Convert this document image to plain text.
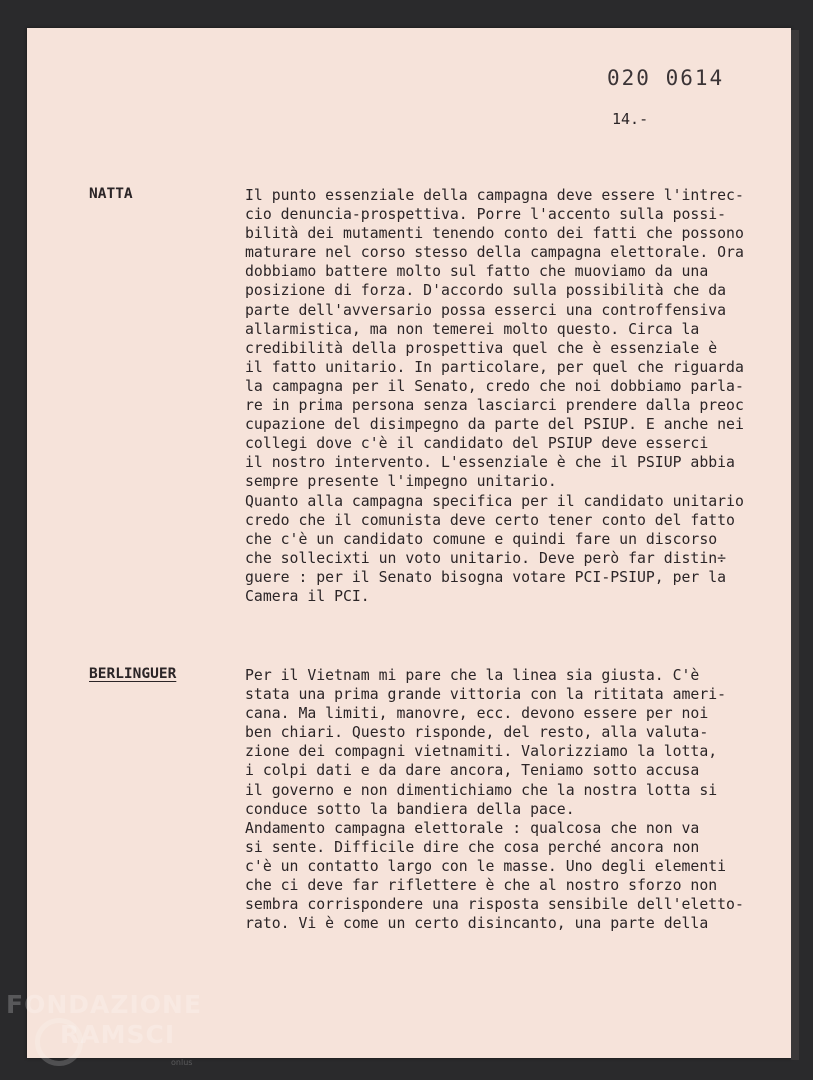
020 0614
14.-
NATTA	Il punto essenziale della campagna deve essere l'intrec-
cio denuncia-prospettiva. Porre l'accento sulla possi-
bilità dei mutamenti tenendo conto dei fatti che possono
maturare nel corso stesso della campagna elettorale. Ora
dobbiamo battere molto sul fatto che muoviamo da una
posizione di forza. D'accordo sulla possibilità che da
parte dell'avversario possa esserci una controffensiva
allarmistica, ma non temerei molto questo. Circa la
credibilità della prospettiva quel che è essenziale è
il fatto unitario. In particolare, per quel che riguarda
la campagna per il Senato, credo che noi dobbiamo parla-
re in prima persona senza lasciarci prendere dalla preoc
cupazione del disimpegno da parte del PSIUP. E anche nei
collegi dove c'è il candidato del PSIUP deve esserci
il nostro intervento. L'essenziale è che il PSIUP abbia
sempre presente l'impegno unitario.
Quanto alla campagna specifica per il candidato unitario
credo che il comunista deve certo tener conto del fatto
che c'è un candidato comune e quindi fare un discorso
che sollecixti un voto unitario. Deve però far distin÷
guere : per il Senato bisogna votare PCI-PSIUP, per la
Camera il PCI.
BERLINGUER	Per il Vietnam mi pare che la linea sia giusta. C'è
stata una prima grande vittoria con la rititata ameri-
cana. Ma limiti, manovre, ecc. devono essere per noi
ben chiari. Questo risponde, del resto, alla valuta-
zione dei compagni vietnamiti. Valorizziamo la lotta,
i colpi dati e da dare ancora, Teniamo sotto accusa
il governo e non dimentichiamo che la nostra lotta si
conduce sotto la bandiera della pace.
Andamento campagna elettorale : qualcosa che non va
si sente. Difficile dire che cosa perché ancora non
c'è un contatto largo con le masse. Uno degli elementi
che ci deve far riflettere è che al nostro sforzo non
sembra corrispondere una risposta sensibile dell'eletto-
rato. Vi è come un certo disincanto, una parte della
FONDAZIONE
RAMSCI
onlus
